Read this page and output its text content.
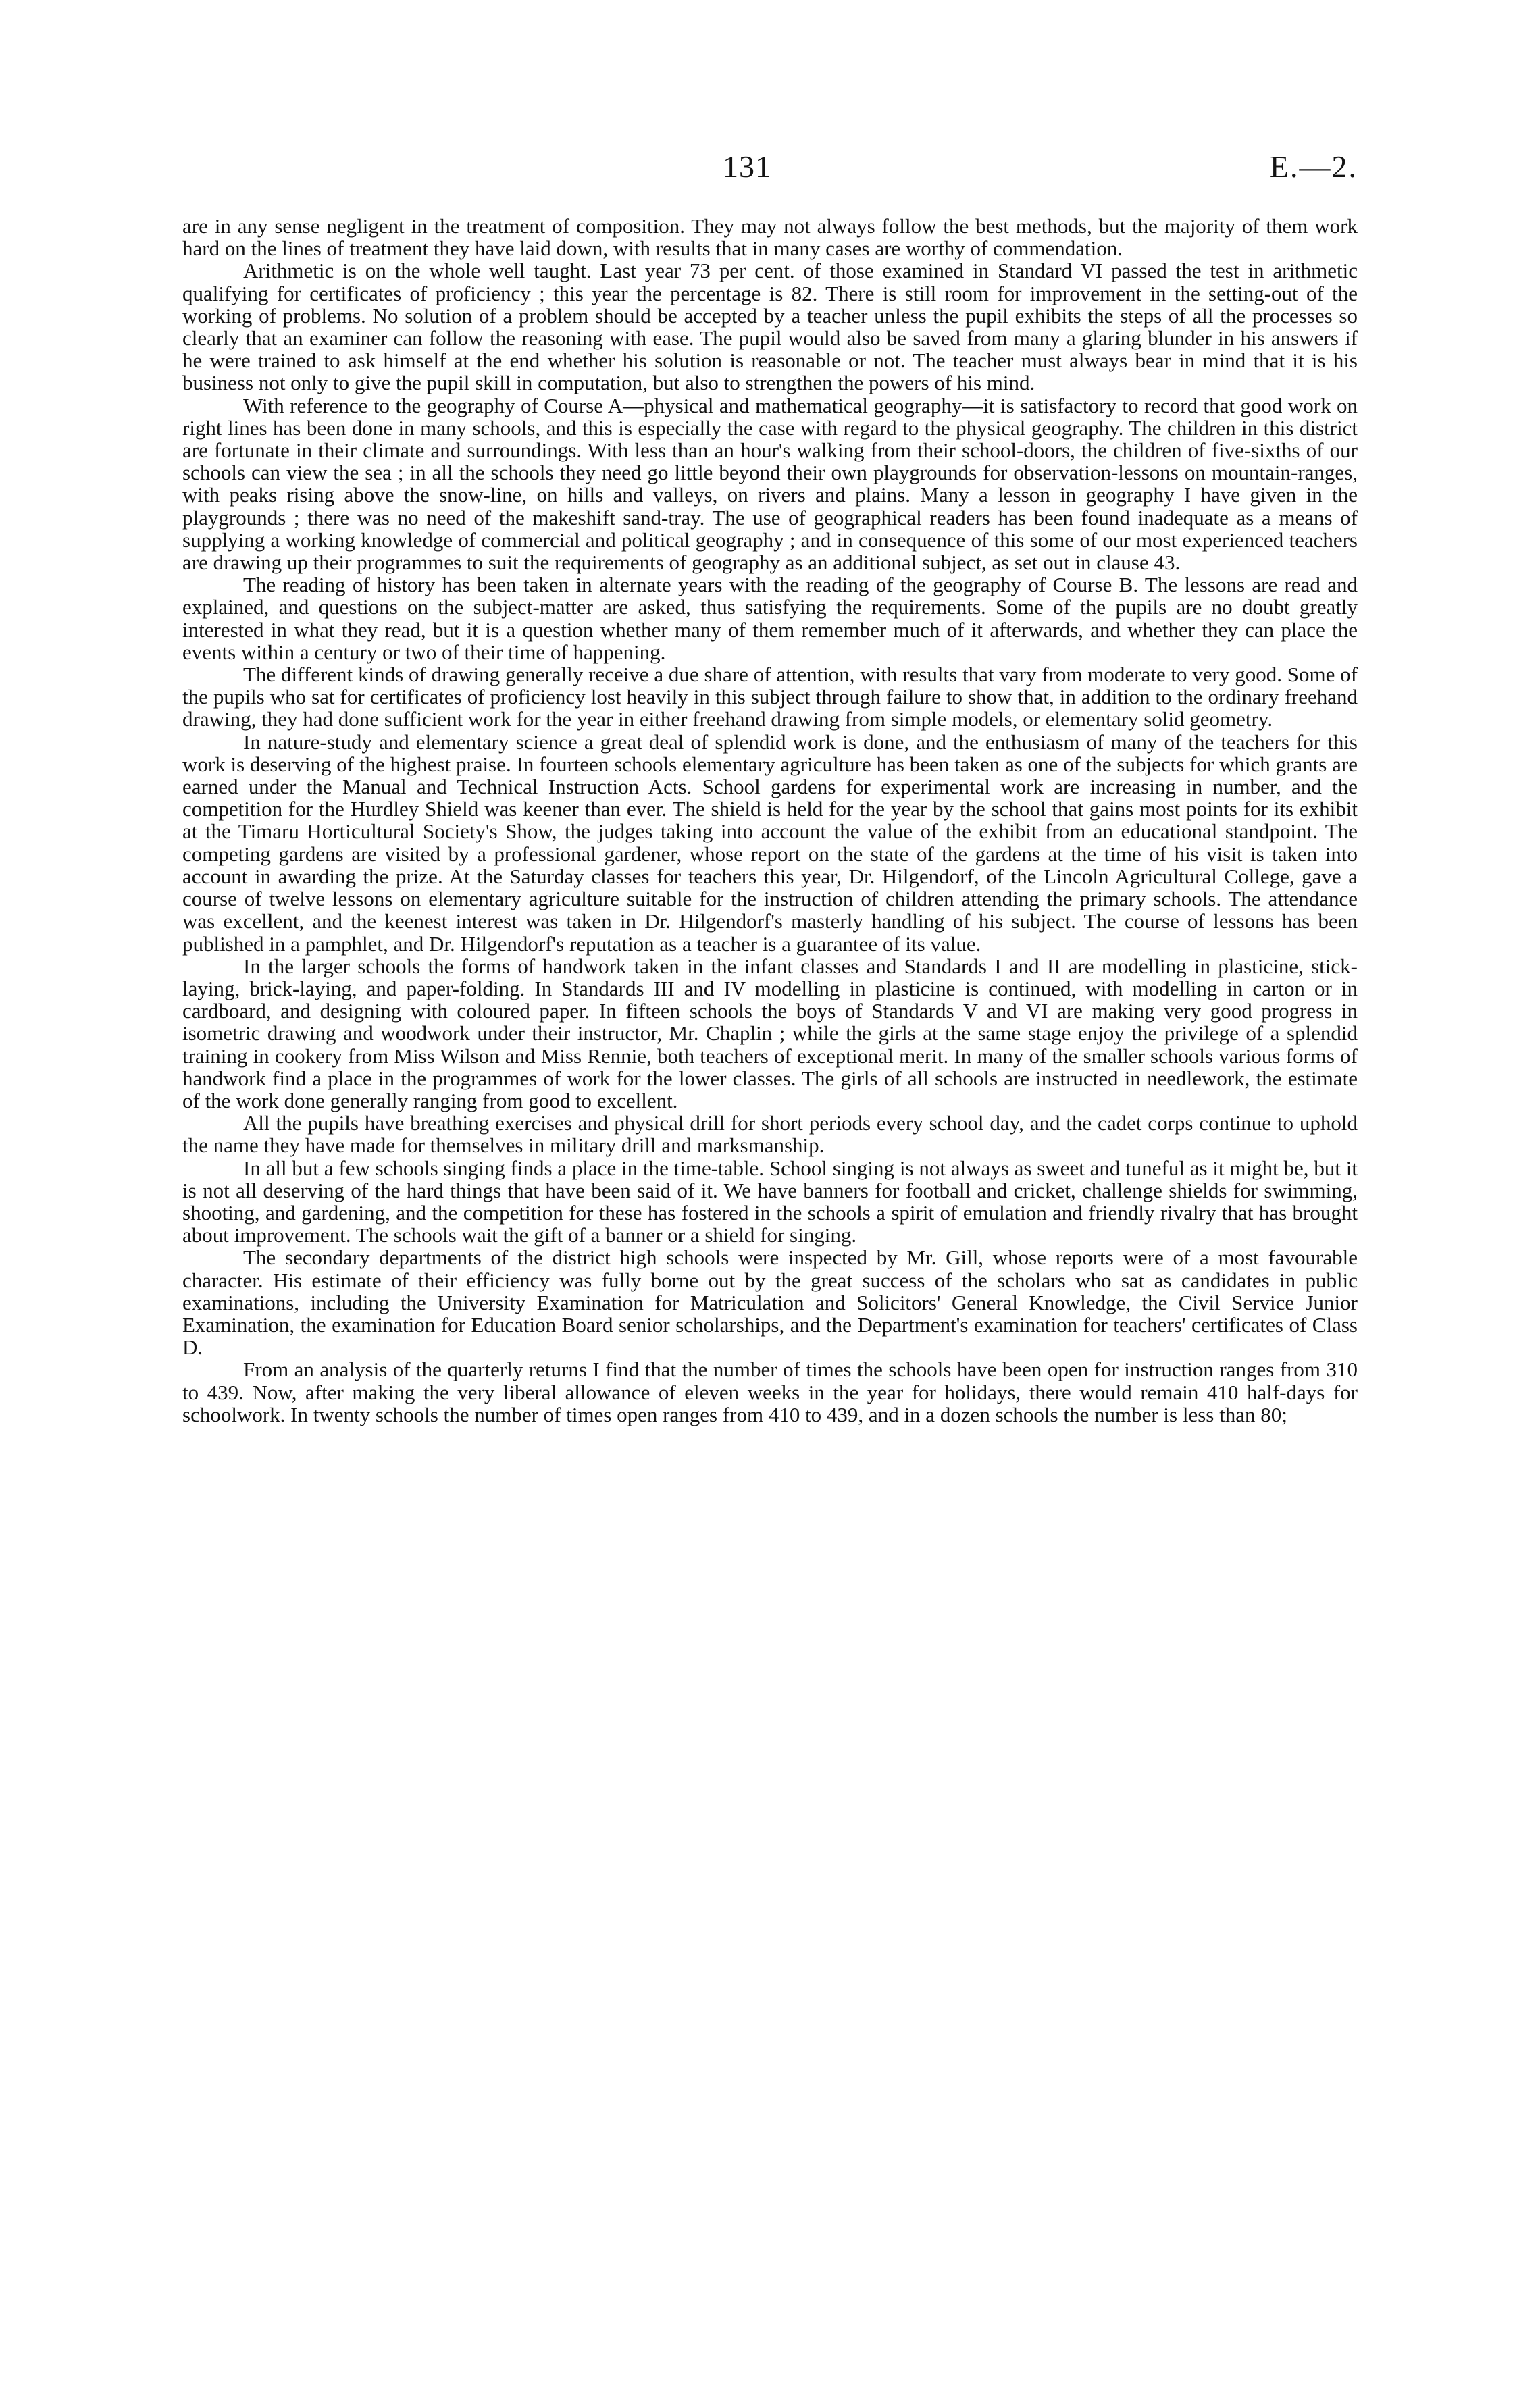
131	E.—2.

are in any sense negligent in the treatment of composition. They may not always follow the best methods, but the majority of them work hard on the lines of treatment they have laid down, with results that in many cases are worthy of commendation.

Arithmetic is on the whole well taught. Last year 73 per cent. of those examined in Standard VI passed the test in arithmetic qualifying for certificates of proficiency ; this year the percentage is 82. There is still room for improvement in the setting-out of the working of problems. No solution of a problem should be accepted by a teacher unless the pupil exhibits the steps of all the processes so clearly that an examiner can follow the reasoning with ease. The pupil would also be saved from many a glaring blunder in his answers if he were trained to ask himself at the end whether his solution is reasonable or not. The teacher must always bear in mind that it is his business not only to give the pupil skill in computation, but also to strengthen the powers of his mind.

With reference to the geography of Course A—physical and mathematical geography—it is satisfactory to record that good work on right lines has been done in many schools, and this is especially the case with regard to the physical geography. The children in this district are fortunate in their climate and surroundings. With less than an hour's walking from their school-doors, the children of five-sixths of our schools can view the sea ; in all the schools they need go little beyond their own playgrounds for observation-lessons on mountain-ranges, with peaks rising above the snow-line, on hills and valleys, on rivers and plains. Many a lesson in geography I have given in the playgrounds ; there was no need of the makeshift sand-tray. The use of geographical readers has been found inadequate as a means of supplying a working knowledge of commercial and political geography ; and in consequence of this some of our most experienced teachers are drawing up their programmes to suit the requirements of geography as an additional subject, as set out in clause 43.

The reading of history has been taken in alternate years with the reading of the geography of Course B. The lessons are read and explained, and questions on the subject-matter are asked, thus satisfying the requirements. Some of the pupils are no doubt greatly interested in what they read, but it is a question whether many of them remember much of it afterwards, and whether they can place the events within a century or two of their time of happening.

The different kinds of drawing generally receive a due share of attention, with results that vary from moderate to very good. Some of the pupils who sat for certificates of proficiency lost heavily in this subject through failure to show that, in addition to the ordinary freehand drawing, they had done sufficient work for the year in either freehand drawing from simple models, or elementary solid geometry.

In nature-study and elementary science a great deal of splendid work is done, and the enthusiasm of many of the teachers for this work is deserving of the highest praise. In fourteen schools elementary agriculture has been taken as one of the subjects for which grants are earned under the Manual and Technical Instruction Acts. School gardens for experimental work are increasing in number, and the competition for the Hurdley Shield was keener than ever. The shield is held for the year by the school that gains most points for its exhibit at the Timaru Horticultural Society's Show, the judges taking into account the value of the exhibit from an educational standpoint. The competing gardens are visited by a professional gardener, whose report on the state of the gardens at the time of his visit is taken into account in awarding the prize. At the Saturday classes for teachers this year, Dr. Hilgendorf, of the Lincoln Agricultural College, gave a course of twelve lessons on elementary agriculture suitable for the instruction of children attending the primary schools. The attendance was excellent, and the keenest interest was taken in Dr. Hilgendorf's masterly handling of his subject. The course of lessons has been published in a pamphlet, and Dr. Hilgendorf's reputation as a teacher is a guarantee of its value.

In the larger schools the forms of handwork taken in the infant classes and Standards I and II are modelling in plasticine, stick-laying, brick-laying, and paper-folding. In Standards III and IV modelling in plasticine is continued, with modelling in carton or in cardboard, and designing with coloured paper. In fifteen schools the boys of Standards V and VI are making very good progress in isometric drawing and woodwork under their instructor, Mr. Chaplin ; while the girls at the same stage enjoy the privilege of a splendid training in cookery from Miss Wilson and Miss Rennie, both teachers of exceptional merit. In many of the smaller schools various forms of handwork find a place in the programmes of work for the lower classes. The girls of all schools are instructed in needlework, the estimate of the work done generally ranging from good to excellent.

All the pupils have breathing exercises and physical drill for short periods every school day, and the cadet corps continue to uphold the name they have made for themselves in military drill and marksmanship.

In all but a few schools singing finds a place in the time-table. School singing is not always as sweet and tuneful as it might be, but it is not all deserving of the hard things that have been said of it. We have banners for football and cricket, challenge shields for swimming, shooting, and gardening, and the competition for these has fostered in the schools a spirit of emulation and friendly rivalry that has brought about improvement. The schools wait the gift of a banner or a shield for singing.

The secondary departments of the district high schools were inspected by Mr. Gill, whose reports were of a most favourable character. His estimate of their efficiency was fully borne out by the great success of the scholars who sat as candidates in public examinations, including the University Examination for Matriculation and Solicitors' General Knowledge, the Civil Service Junior Examination, the examination for Education Board senior scholarships, and the Department's examination for teachers' certificates of Class D.

From an analysis of the quarterly returns I find that the number of times the schools have been open for instruction ranges from 310 to 439. Now, after making the very liberal allowance of eleven weeks in the year for holidays, there would remain 410 half-days for schoolwork. In twenty schools the number of times open ranges from 410 to 439, and in a dozen schools the number is less than 80;
